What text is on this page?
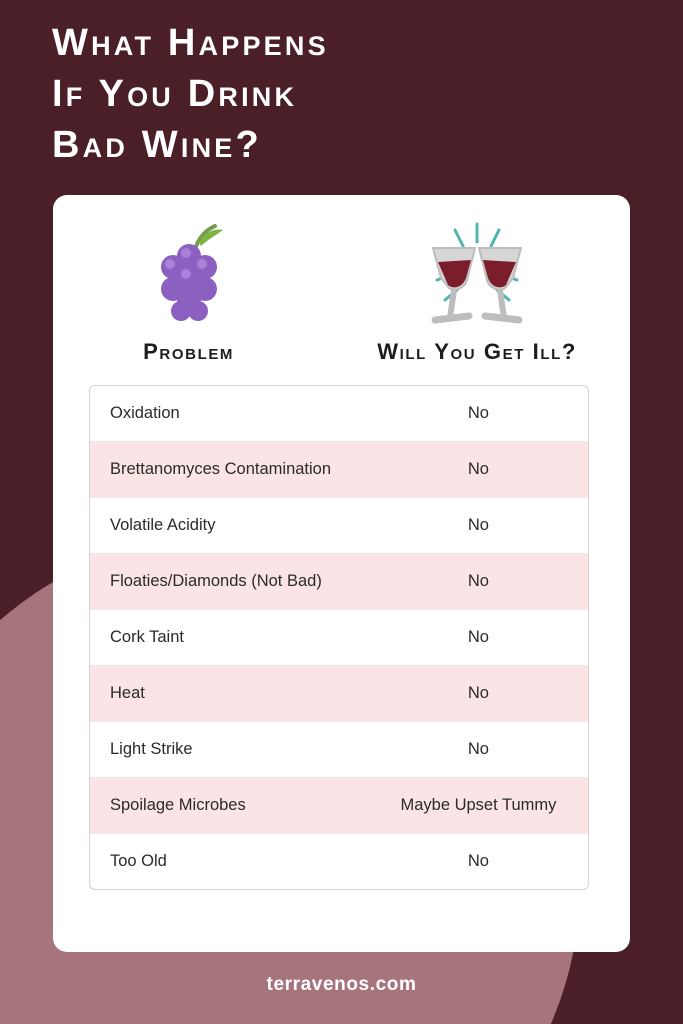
What Happens
If You Drink
Bad Wine?
Problem	Will You Get Ill?
Oxidation	No
Brettanomyces Contamination	No
Volatile Acidity	No
Floaties/Diamonds (Not Bad)	No
Cork Taint	No
Heat	No
Light Strike	No
Spoilage Microbes	Maybe Upset Tummy
Too Old	No
terravenos.com
